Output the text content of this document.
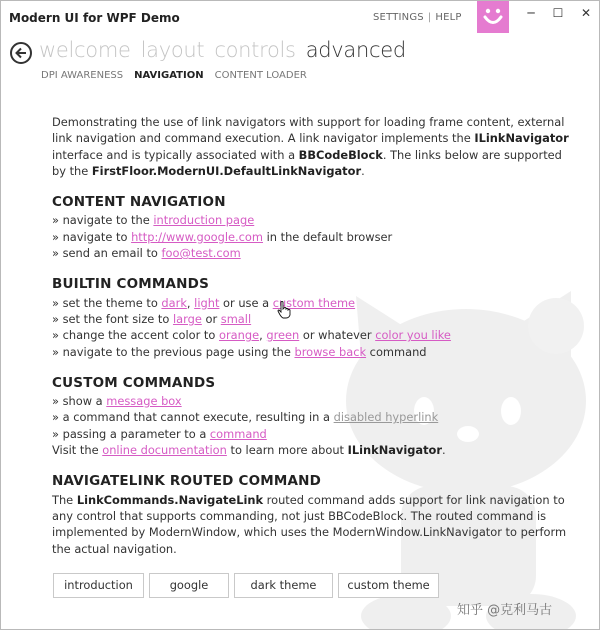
Modern UI for WPF Demo	SETTINGS | HELP	─	☐	✕
welcome layout controls advanced
DPI AWARENESS NAVIGATION CONTENT LOADER

Demonstrating the use of link navigators with support for loading frame content, external link navigation and command execution. A link navigator implements the ILinkNavigator interface and is typically associated with a BBCodeBlock. The links below are supported by the FirstFloor.ModernUI.DefaultLinkNavigator.

CONTENT NAVIGATION
» navigate to the introduction page
» navigate to http://www.google.com in the default browser
» send an email to foo@test.com
BUILTIN COMMANDS
» set the theme to dark, light or use a custom theme
» set the font size to large or small
» change the accent color to orange, green or whatever color you like
» navigate to the previous page using the browse back command
CUSTOM COMMANDS
» show a message box
» a command that cannot execute, resulting in a disabled hyperlink
» passing a parameter to a command

Visit the online documentation to learn more about ILinkNavigator.

NAVIGATELINK ROUTED COMMAND

The LinkCommands.NavigateLink routed command adds support for link navigation to any control that supports commanding, not just BBCodeBlock. The routed command is implemented by ModernWindow, which uses the ModernWindow.LinkNavigator to perform the actual navigation.

introduction	google	dark theme	custom theme
知乎 @克利马古
